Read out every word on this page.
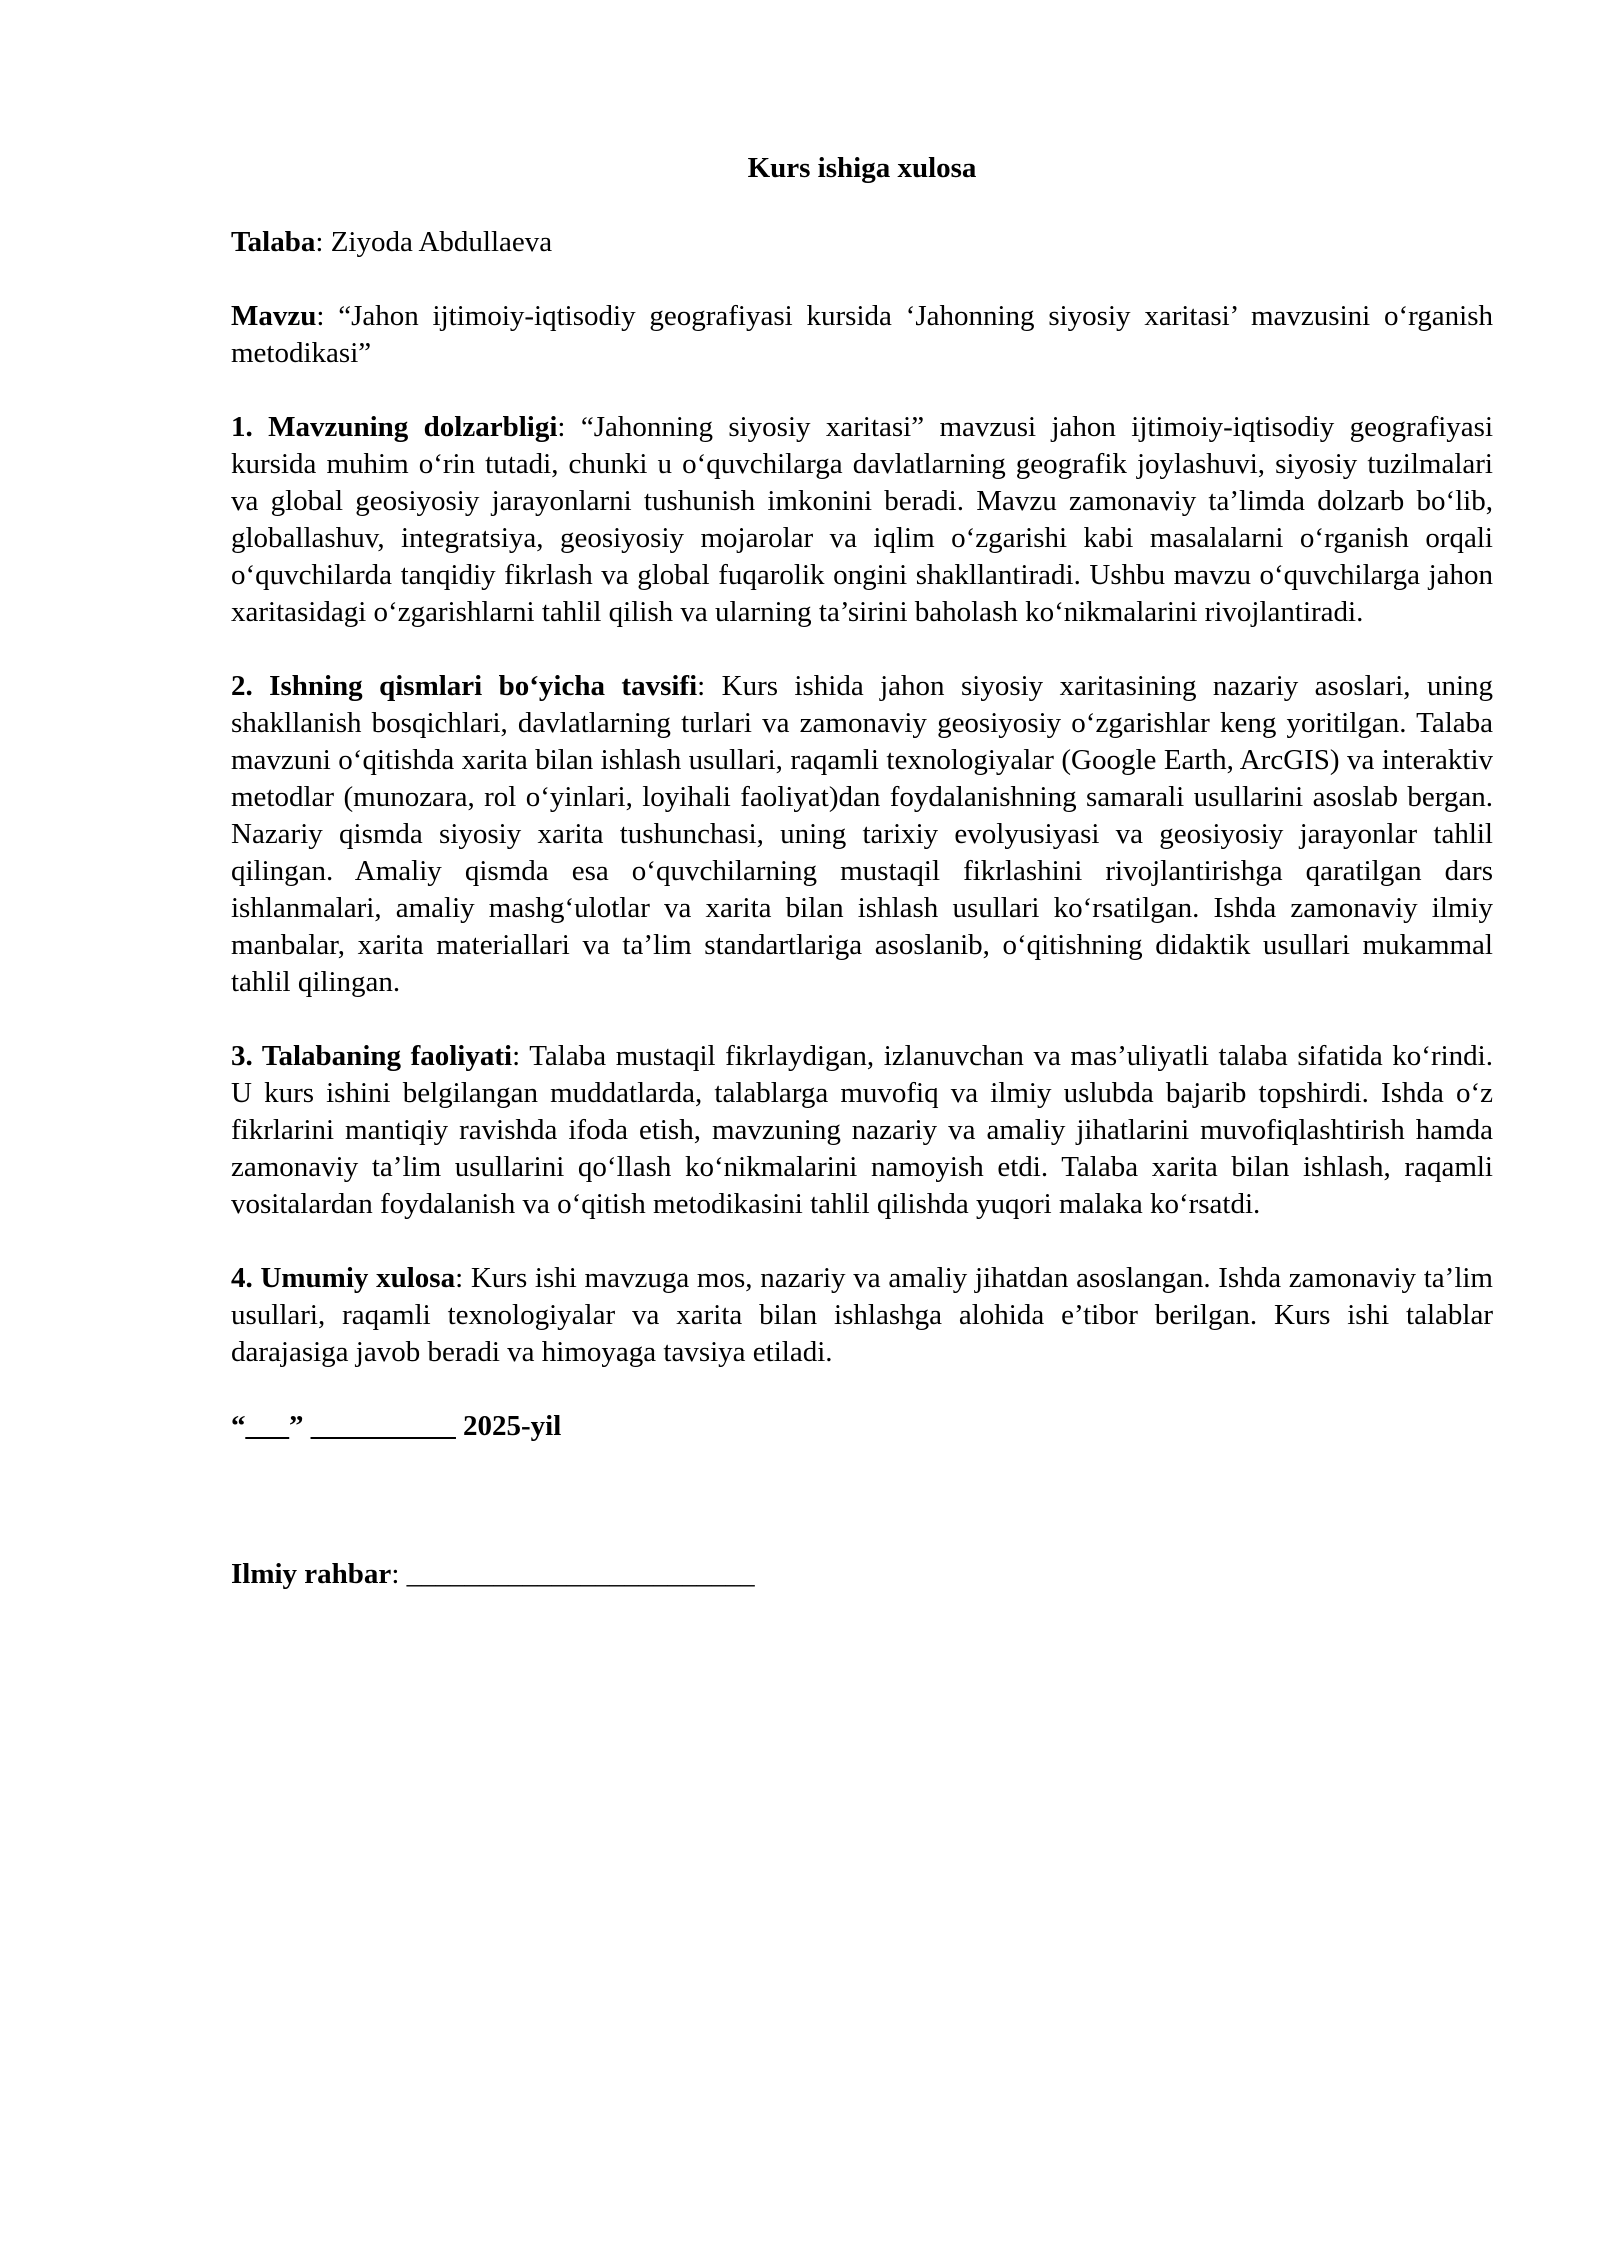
Kurs ishiga xulosa

Talaba: Ziyoda Abdullaeva

Mavzu: “Jahon ijtimoiy-iqtisodiy geografiyasi kursida ‘Jahonning siyosiy xaritasi’ mavzusini o‘rganish metodikasi”

1. Mavzuning dolzarbligi: “Jahonning siyosiy xaritasi” mavzusi jahon ijtimoiy-iqtisodiy geografiyasi kursida muhim o‘rin tutadi, chunki u o‘quvchilarga davlatlarning geografik joylashuvi, siyosiy tuzilmalari va global geosiyosiy jarayonlarni tushunish imkonini beradi. Mavzu zamonaviy ta’limda dolzarb bo‘lib, globallashuv, integratsiya, geosiyosiy mojarolar va iqlim o‘zgarishi kabi masalalarni o‘rganish orqali o‘quvchilarda tanqidiy fikrlash va global fuqarolik ongini shakllantiradi. Ushbu mavzu o‘quvchilarga jahon xaritasidagi o‘zgarishlarni tahlil qilish va ularning ta’sirini baholash ko‘nikmalarini rivojlantiradi.

2. Ishning qismlari bo‘yicha tavsifi: Kurs ishida jahon siyosiy xaritasining nazariy asoslari, uning shakllanish bosqichlari, davlatlarning turlari va zamonaviy geosiyosiy o‘zgarishlar keng yoritilgan. Talaba mavzuni o‘qitishda xarita bilan ishlash usullari, raqamli texnologiyalar (Google Earth, ArcGIS) va interaktiv metodlar (munozara, rol o‘yinlari, loyihali faoliyat)dan foydalanishning samarali usullarini asoslab bergan. Nazariy qismda siyosiy xarita tushunchasi, uning tarixiy evolyusiyasi va geosiyosiy jarayonlar tahlil qilingan. Amaliy qismda esa o‘quvchilarning mustaqil fikrlashini rivojlantirishga qaratilgan dars ishlanmalari, amaliy mashg‘ulotlar va xarita bilan ishlash usullari ko‘rsatilgan. Ishda zamonaviy ilmiy manbalar, xarita materiallari va ta’lim standartlariga asoslanib, o‘qitishning didaktik usullari mukammal tahlil qilingan.

3. Talabaning faoliyati: Talaba mustaqil fikrlaydigan, izlanuvchan va mas’uliyatli talaba sifatida ko‘rindi. U kurs ishini belgilangan muddatlarda, talablarga muvofiq va ilmiy uslubda bajarib topshirdi. Ishda o‘z fikrlarini mantiqiy ravishda ifoda etish, mavzuning nazariy va amaliy jihatlarini muvofiqlashtirish hamda zamonaviy ta’lim usullarini qo‘llash ko‘nikmalarini namoyish etdi. Talaba xarita bilan ishlash, raqamli vositalardan foydalanish va o‘qitish metodikasini tahlil qilishda yuqori malaka ko‘rsatdi.

4. Umumiy xulosa: Kurs ishi mavzuga mos, nazariy va amaliy jihatdan asoslangan. Ishda zamonaviy ta’lim usullari, raqamli texnologiyalar va xarita bilan ishlashga alohida e’tibor berilgan. Kurs ishi talablar darajasiga javob beradi va himoyaga tavsiya etiladi.

“___” __________ 2025-yil
Ilmiy rahbar: ________________________
